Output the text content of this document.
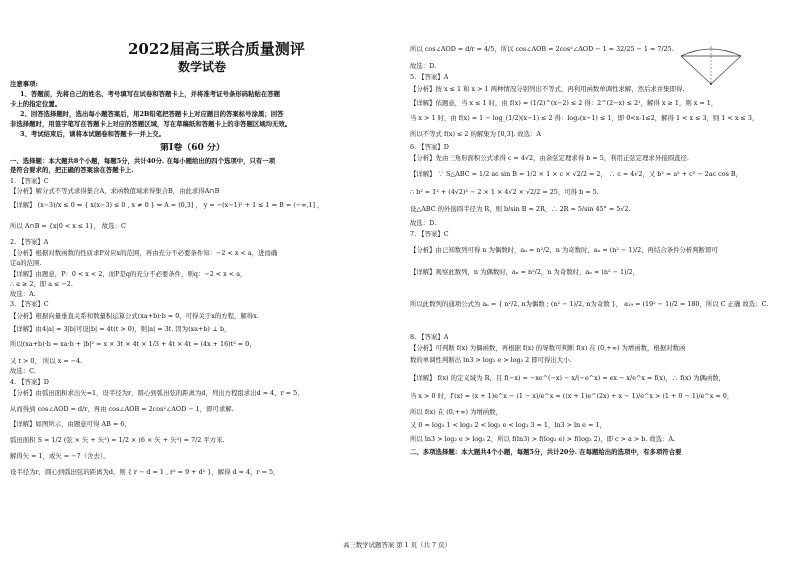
2022届高三联合质量测评
数学试卷
注意事项:
1、答题前，先将自己的姓名、考号填写在试卷和答题卡上，并将准考证号条形码粘贴在答题
卡上的指定位置。
2、回答选择题时，选出每小题答案后，用2B铅笔把答题卡上对应题目的答案标号涂黑；回答
非选择题时，用签字笔写在答题卡上对应的答题区域，写在草稿纸和答题卡上的非答题区域均无效。
3、考试结束后，请将本试题卷和答题卡一并上交。
第Ⅰ卷（60 分）
一、选择题：本大题共8个小题，每题5分，共计40分. 在每小题给出的四个选项中，只有一项
是符合要求的，把正确的答案涂在答题卡上.
1. 【答案】C
【分析】解分式不等式求得集合A，求函数值域求得集合B，由此求得A∩B
【详解】 (x−3)/x ≤ 0 ⇔ { x(x−3) ≤ 0 , x ≠ 0 } ⇔ A = (0,3] ， y = −(x−1)² + 1 ≤ 1 ⇒ B = (−∞,1] ，
所以 A∩B = {x|0 < x ≤ 1}， 故选：C
2. 【答案】A
【分析】根据对数函数的性质求P对应x的范围，再由充分不必要条件知：−2 < x < a，进而确
定a的范围.
【详解】由题意，P：0 < x < 2，而P是q的充分不必要条件，则q：−2 < x < a，
∴ a ≥ 2，即 a ≤ −2.
故选：A.
3. 【答案】C
【分析】根据向量垂直关系和数量积运算公式(xa+b)·b = 0，可得关于x的方程，解得x.
【详解】由4|a| = 3|b|可设|b| = 4t(t > 0)，则|a| = 3t. 因为(xa+b) ⊥ b，
所以(xa+b)·b = xa·b + |b|² = x × 3t × 4t × 1/3 + 4t × 4t = (4x + 16)t² = 0，
又 t > 0， 所以 x = −4.
故选：C.
4. 【答案】D
【分析】由弧田面积求出矢=1，设半径为r，圆心到弧田弦的距离为d，列出方程组求出d = 4，r = 5，
从而得到 cos∠AOD = d/r，再由 cos∠AOB = 2cos²∠AOD − 1，即可求解.
【详解】如图所示，由题意可得 AB = 6，
弧田面积 S = 1/2 (弦 × 矢 + 矢²) = 1/2 × (6 × 矢 + 矢²) = 7/2 平方米.
解得矢 = 1，或矢 = −7（舍去），
设半径为r，圆心到弧田弦的距离为d，则 { r − d = 1 , r² = 9 + d² }，解得 d = 4，r = 5，
所以 cos∠AOD = d/r = 4/5，所以 cos∠AOB = 2cos²∠AOD − 1 = 32/25 − 1 = 7/25.
故选：D.
5. 【答案】A
【分析】按 x ≤ 1 和 x > 1 两种情况分别列出不等式，再利用函数单调性求解，然后求并集即得.
【详解】依题意，当 x ≤ 1 时，由 f(x) = (1/2)^(x−2) ≤ 2 得：2^(2−x) ≤ 2¹，解得 x ≥ 1，则 x = 1，
当 x > 1 时，由 f(x) = 1 − log_(1/2)(x−1) ≤ 2 得：log₂(x−1) ≤ 1，即 0<x-1≤2，解得 1 < x ≤ 3，则 1 < x ≤ 3，
所以不等式 f(x) ≤ 2 的解集为 [0,3]. 故选：A
6. 【答案】D
【分析】先由三角形面积公式求得 c = 4√2，由余弦定理求得 b = 5，利用正弦定理求外接圆直径.
【详解】 ∵ S△ABC = 1/2 ac sin B = 1/2 × 1 × c × √2/2 = 2， ∴ c = 4√2，又 b² = a² + c² − 2ac cos B，
∴ b² = 1² + (4√2)² − 2 × 1 × 4√2 × √2/2 = 25，可得 b = 5.
设△ABC 的外接圆半径为 R，则 b/sin B = 2R，∴ 2R = 5/sin 45° = 5√2.
故选：D.
7. 【答案】C
【分析】由已知数列可得 n 为偶数时，aₙ = n²/2，n 为奇数时，aₙ = (n² − 1)/2，再结合条件分析判断即可
【详解】观察此数列，n 为偶数时，aₙ = n²/2，n 为奇数时，aₙ = (n² − 1)/2，
所以此数列的通项公式为 aₙ = { n²/2, n为偶数 ; (n² − 1)/2, n为奇数 }， a₁₉ = (19² − 1)/2 = 180，所以 C 正确 故选：C.
8. 【答案】A
【分析】可判断 f(x) 为偶函数，再根据 f(x) 的导数可判断 f(x) 在 (0,+∞) 为增函数，根据对数函
数的单调性判断出 ln3 > log₂ e > log₃ 2 即可得出大小.
【详解】 f(x) 的定义域为 R，且 f(−x) = −xe^(−x) − x/(−e^x) = ex − x/e^x = f(x)，∴ f(x) 为偶函数，
当 x > 0 时，f′(x) = (x + 1)e^x − (1 − x)/e^x = ((x + 1)e^(2x) + x − 1)/e^x > (1 + 0 − 1)/e^x = 0，
所以 f(x) 在 (0,+∞) 为增函数，
又 0 = log₃ 1 < log₃ 2 < log₃ e < log₃ 3 = 1，ln3 > ln e = 1，
所以 ln3 > log₂ e > log₃ 2，所以 f(ln3) > f(log₂ e) > f(log₃ 2)，即 c > a > b. 故选：A.
二、多项选择题：本大题共4个小题，每题5分，共计20分. 在每题给出的选项中，有多项符合要
高三数学试题答案 第 1 页（共 7 页）
